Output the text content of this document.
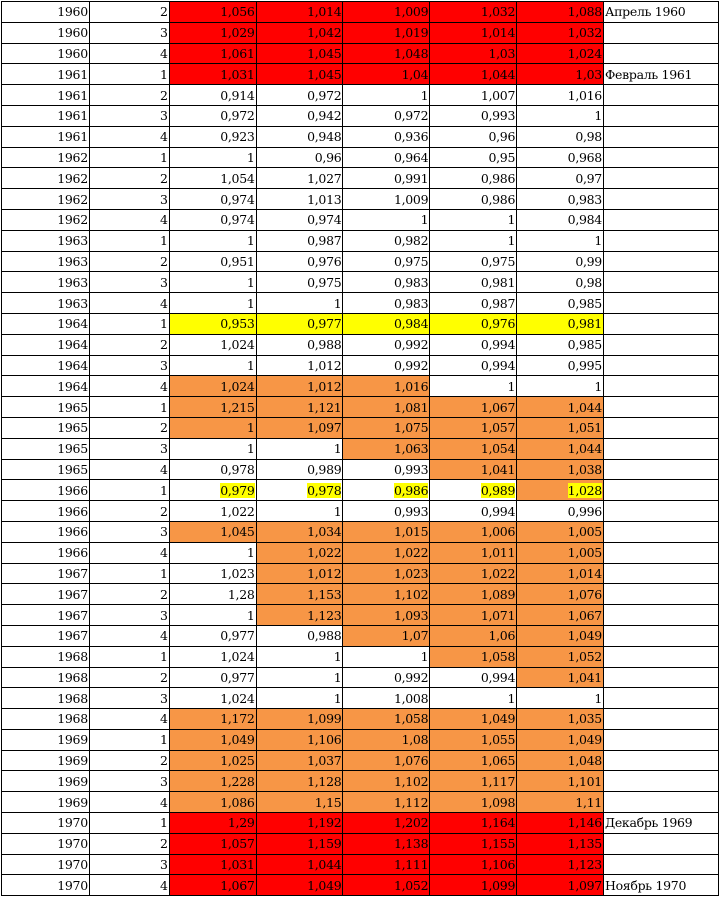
1960	2	1,056	1,014	1,009	1,032	1,088	Апрель 1960
1960	3	1,029	1,042	1,019	1,014	1,032	
1960	4	1,061	1,045	1,048	1,03	1,024	
1961	1	1,031	1,045	1,04	1,044	1,03	Февраль 1961
1961	2	0,914	0,972	1	1,007	1,016	
1961	3	0,972	0,942	0,972	0,993	1	
1961	4	0,923	0,948	0,936	0,96	0,98	
1962	1	1	0,96	0,964	0,95	0,968	
1962	2	1,054	1,027	0,991	0,986	0,97	
1962	3	0,974	1,013	1,009	0,986	0,983	
1962	4	0,974	0,974	1	1	0,984	
1963	1	1	0,987	0,982	1	1	
1963	2	0,951	0,976	0,975	0,975	0,99	
1963	3	1	0,975	0,983	0,981	0,98	
1963	4	1	1	0,983	0,987	0,985	
1964	1	0,953	0,977	0,984	0,976	0,981	
1964	2	1,024	0,988	0,992	0,994	0,985	
1964	3	1	1,012	0,992	0,994	0,995	
1964	4	1,024	1,012	1,016	1	1	
1965	1	1,215	1,121	1,081	1,067	1,044	
1965	2	1	1,097	1,075	1,057	1,051	
1965	3	1	1	1,063	1,054	1,044	
1965	4	0,978	0,989	0,993	1,041	1,038	
1966	1	0,979	0,978	0,986	0,989	1,028	
1966	2	1,022	1	0,993	0,994	0,996	
1966	3	1,045	1,034	1,015	1,006	1,005	
1966	4	1	1,022	1,022	1,011	1,005	
1967	1	1,023	1,012	1,023	1,022	1,014	
1967	2	1,28	1,153	1,102	1,089	1,076	
1967	3	1	1,123	1,093	1,071	1,067	
1967	4	0,977	0,988	1,07	1,06	1,049	
1968	1	1,024	1	1	1,058	1,052	
1968	2	0,977	1	0,992	0,994	1,041	
1968	3	1,024	1	1,008	1	1	
1968	4	1,172	1,099	1,058	1,049	1,035	
1969	1	1,049	1,106	1,08	1,055	1,049	
1969	2	1,025	1,037	1,076	1,065	1,048	
1969	3	1,228	1,128	1,102	1,117	1,101	
1969	4	1,086	1,15	1,112	1,098	1,11	
1970	1	1,29	1,192	1,202	1,164	1,146	Декабрь 1969
1970	2	1,057	1,159	1,138	1,155	1,135	
1970	3	1,031	1,044	1,111	1,106	1,123	
1970	4	1,067	1,049	1,052	1,099	1,097	Ноябрь 1970
